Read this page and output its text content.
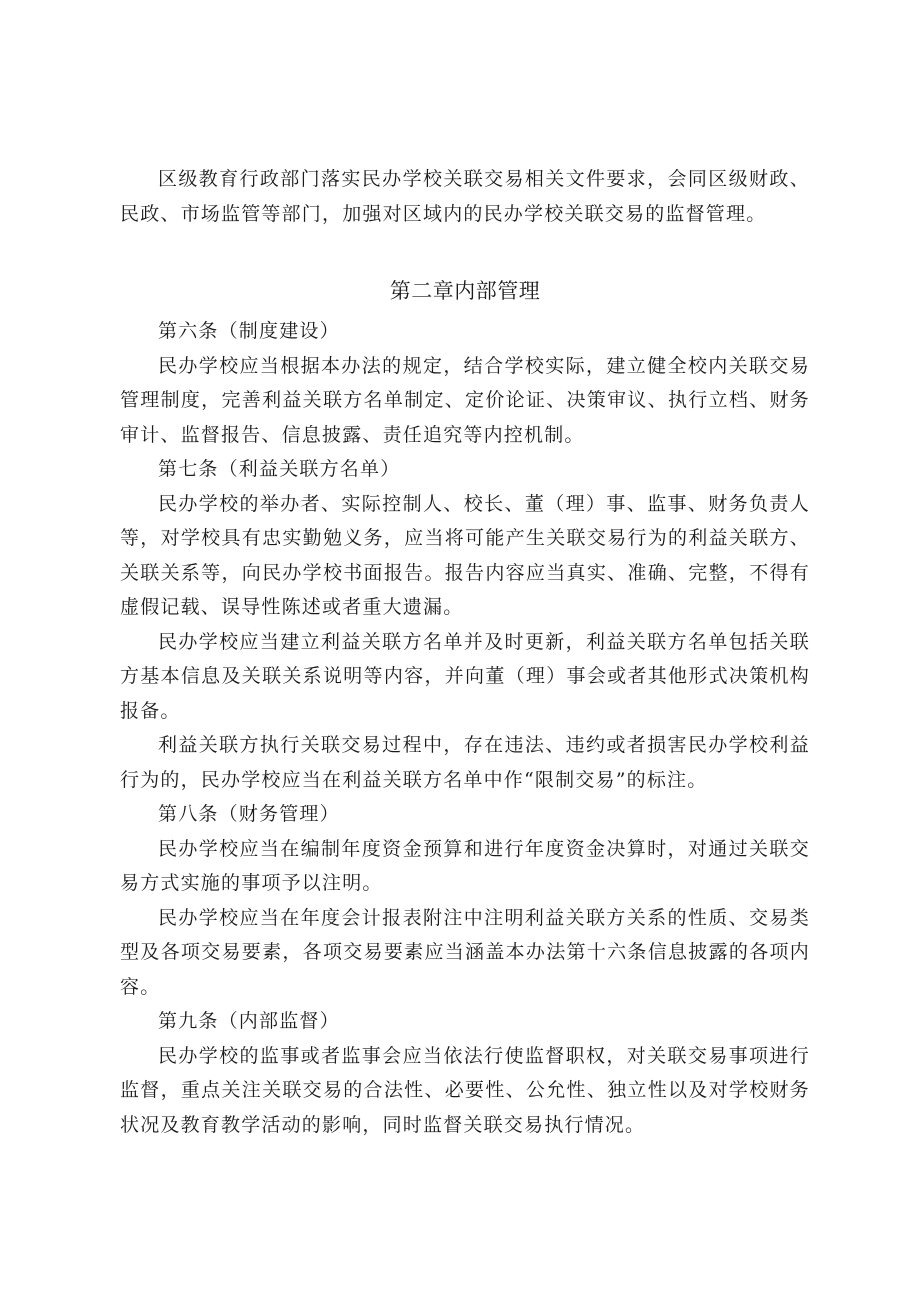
区级教育行政部门落实民办学校关联交易相关文件要求，会同区级财政、民政、市场监管等部门，加强对区域内的民办学校关联交易的监督管理。

第二章内部管理

第六条（制度建设）

民办学校应当根据本办法的规定，结合学校实际，建立健全校内关联交易管理制度，完善利益关联方名单制定、定价论证、决策审议、执行立档、财务审计、监督报告、信息披露、责任追究等内控机制。

第七条（利益关联方名单）

民办学校的举办者、实际控制人、校长、董（理）事、监事、财务负责人等，对学校具有忠实勤勉义务，应当将可能产生关联交易行为的利益关联方、关联关系等，向民办学校书面报告。报告内容应当真实、准确、完整，不得有虚假记载、误导性陈述或者重大遗漏。

民办学校应当建立利益关联方名单并及时更新，利益关联方名单包括关联方基本信息及关联关系说明等内容，并向董（理）事会或者其他形式决策机构报备。

利益关联方执行关联交易过程中，存在违法、违约或者损害民办学校利益行为的，民办学校应当在利益关联方名单中作“限制交易”的标注。

第八条（财务管理）

民办学校应当在编制年度资金预算和进行年度资金决算时，对通过关联交易方式实施的事项予以注明。

民办学校应当在年度会计报表附注中注明利益关联方关系的性质、交易类型及各项交易要素，各项交易要素应当涵盖本办法第十六条信息披露的各项内容。

第九条（内部监督）

民办学校的监事或者监事会应当依法行使监督职权，对关联交易事项进行监督，重点关注关联交易的合法性、必要性、公允性、独立性以及对学校财务状况及教育教学活动的影响，同时监督关联交易执行情况。
